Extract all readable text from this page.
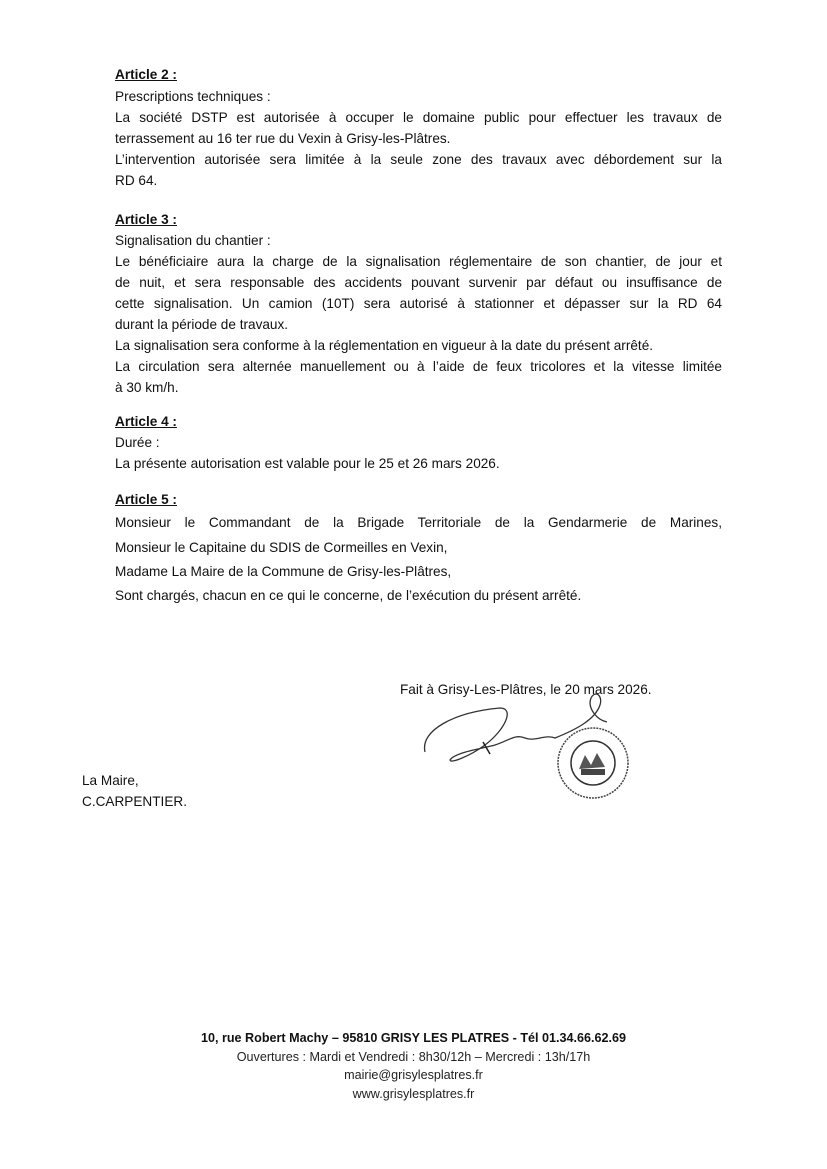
Article 2 :
Prescriptions techniques :
La société DSTP est autorisée à occuper le domaine public pour effectuer les travaux de
terrassement au 16 ter rue du Vexin à Grisy-les-Plâtres.
L’intervention autorisée sera limitée à la seule zone des travaux avec débordement sur la
RD 64.
Article 3 :
Signalisation du chantier :
Le bénéficiaire aura la charge de la signalisation réglementaire de son chantier, de jour et
de nuit, et sera responsable des accidents pouvant survenir par défaut ou insuffisance de
cette signalisation. Un camion (10T) sera autorisé à stationner et dépasser sur la RD 64
durant la période de travaux.
La signalisation sera conforme à la réglementation en vigueur à la date du présent arrêté.
La circulation sera alternée manuellement ou à l’aide de feux tricolores et la vitesse limitée
à 30 km/h.
Article 4 :
Durée :
La présente autorisation est valable pour le 25 et 26 mars 2026.
Article 5 :
Monsieur le Commandant de la Brigade Territoriale de la Gendarmerie de Marines,
Monsieur le Capitaine du SDIS de Cormeilles en Vexin,
Madame La Maire de la Commune de Grisy-les-Plâtres,
Sont chargés, chacun en ce qui le concerne, de l’exécution du présent arrêté.
Fait à Grisy-Les-Plâtres, le 20 mars 2026.
La Maire,
C.CARPENTIER.
10, rue Robert Machy – 95810 GRISY LES PLATRES - Tél 01.34.66.62.69
Ouvertures : Mardi et Vendredi : 8h30/12h – Mercredi : 13h/17h
mairie@grisylesplatres.fr
www.grisylesplatres.fr
